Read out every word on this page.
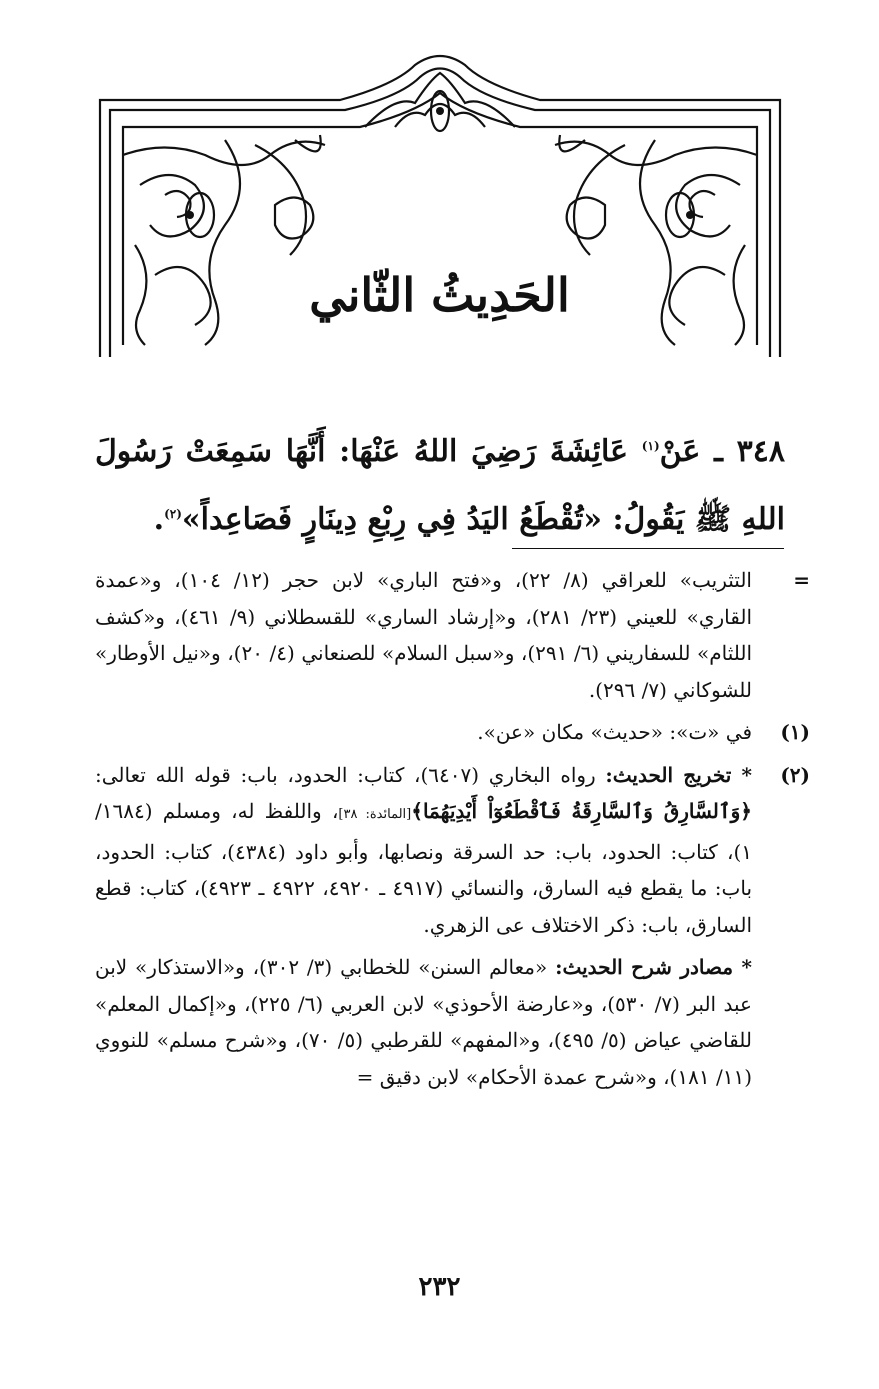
الحَدِيثُ الثّاني
٣٤٨ ـ عَنْ$^{(١)}$ عَائِشَةَ رَضِيَ اللهُ عَنْهَا: أَنَّهَا سَمِعَتْ رَسُولَ اللهِ ﷺ يَقُولُ: «تُقْطَعُ اليَدُ فِي رِبْعِ دِينَارٍ فَصَاعِداً»$^{(٢)}$.
=
التثريب» للعراقي (٨/ ٢٢)، و«فتح الباري» لابن حجر (١٢/ ١٠٤)، و«عمدة القاري» للعيني (٢٣/ ٢٨١)، و«إرشاد الساري» للقسطلاني (٩/ ٤٦١)، و«كشف اللثام» للسفاريني (٦/ ٢٩١)، و«سبل السلام» للصنعاني (٤/ ٢٠)، و«نيل الأوطار» للشوكاني (٧/ ٢٩٦).
(١)
في «ت»: «حديث» مكان «عن».
(٢)

* تخريج الحديث: رواه البخاري (٦٤٠٧)، كتاب: الحدود، باب: قوله الله تعالى: ﴿وَٱلسَّارِقُ وَٱلسَّارِقَةُ فَٱقْطَعُوٓاْ أَيْدِيَهُمَا﴾[المائدة: ٣٨]، واللفظ له، ومسلم (١٦٨٤/ ١)، كتاب: الحدود، باب: حد السرقة ونصابها، وأبو داود (٤٣٨٤)، كتاب: الحدود، باب: ما يقطع فيه السارق، والنسائي (٤٩١٧ ـ ٤٩٢٠، ٤٩٢٢ ـ ٤٩٢٣)، كتاب: قطع السارق، باب: ذكر الاختلاف عى الزهري.

* مصادر شرح الحديث: «معالم السنن» للخطابي (٣/ ٣٠٢)، و«الاستذكار» لابن عبد البر (٧/ ٥٣٠)، و«عارضة الأحوذي» لابن العربي (٦/ ٢٢٥)، و«إكمال المعلم» للقاضي عياض (٥/ ٤٩٥)، و«المفهم» للقرطبي (٥/ ٧٠)، و«شرح مسلم» للنووي (١١/ ١٨١)، و«شرح عمدة الأحكام» لابن دقيق =

٢٣٢
